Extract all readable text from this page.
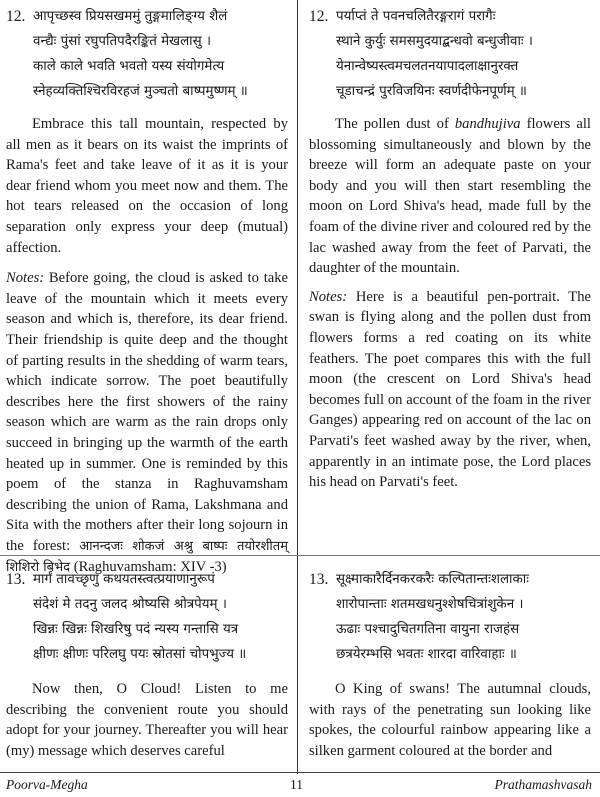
12. आपृच्छस्व प्रियसखममुं तुङ्गमालिङ्ग्य शैलं
वन्द्यैः पुंसां रघुपतिपदैरङ्कितं मेखलासु ।
काले काले भवति भवतो यस्य संयोगमेत्य
स्नेहव्यक्तिश्चिरविरहजं मुञ्चतो बाष्पमुष्णम् ॥

Embrace this tall mountain, respected by all men as it bears on its waist the imprints of Rama's feet and take leave of it as it is your dear friend whom you meet now and them. The hot tears released on the occasion of long separation only express your deep (mutual) affection.

Notes: Before going, the cloud is asked to take leave of the mountain which it meets every season and which is, therefore, its dear friend. Their friendship is quite deep and the thought of parting results in the shedding of warm tears, which indicate sorrow. The poet beautifully describes here the first showers of the rainy season which are warm as the rain drops only succeed in bringing up the warmth of the earth heated up in summer. One is reminded by this poem of the stanza in Raghuvamsham describing the union of Rama, Lakshmana and Sita with the mothers after their long sojourn in the forest: आनन्दजः शोकजं अश्रु बाष्पः तयोरशीतम् शिशिरो बिभेद (Raghuvamsham: XIV -3)

13. मार्गं तावच्छृणु कथयतस्त्वत्प्रयाणानुरूपं
संदेशं मे तदनु जलद श्रोष्यसि श्रोत्रपेयम् ।
खिन्नः खिन्नः शिखरिषु पदं न्यस्य गन्तासि यत्र
क्षीणः क्षीणः परिलघु पयः स्रोतसां चोपभुज्य ॥

Now then, O Cloud! Listen to me describing the convenient route you should adopt for your journey. Thereafter you will hear (my) message which deserves careful

12. पर्याप्तं ते पवनचलितैरङ्गरागं परागैः
स्थाने कुर्युः समसमुदयाद्बन्धवो बन्धुजीवाः ।
येनान्वेष्यस्त्वमचलतनयापादलाक्षानुरक्त
चूडाचन्द्रं पुरविजयिनः स्वर्णदीफेनपूर्णम् ॥

The pollen dust of bandhujiva flowers all blossoming simultaneously and blown by the breeze will form an adequate paste on your body and you will then start resembling the moon on Lord Shiva's head, made full by the foam of the divine river and coloured red by the lac washed away from the feet of Parvati, the daughter of the mountain.

Notes: Here is a beautiful pen-portrait. The swan is flying along and the pollen dust from flowers forms a red coating on its white feathers. The poet compares this with the full moon (the crescent on Lord Shiva's head becomes full on account of the foam in the river Ganges) appearing red on account of the lac on Parvati's feet washed away by the river, when, apparently in an intimate pose, the Lord places his head on Parvati's feet.

13. सूक्ष्माकारैर्दिनकरकरैः कल्पितान्तःशलाकाः
शारोपान्ताः शतमखधनुश्शेषचित्रांशुकेन ।
ऊढाः पश्चादुचितगतिना वायुना राजहंस
छत्रयेरम्भसि भवतः शारदा वारिवाहाः ॥

O King of swans! The autumnal clouds, with rays of the penetrating sun looking like spokes, the colourful rainbow appearing like a silken garment coloured at the border and

Poorva-Megha	11	Prathamashvasah
